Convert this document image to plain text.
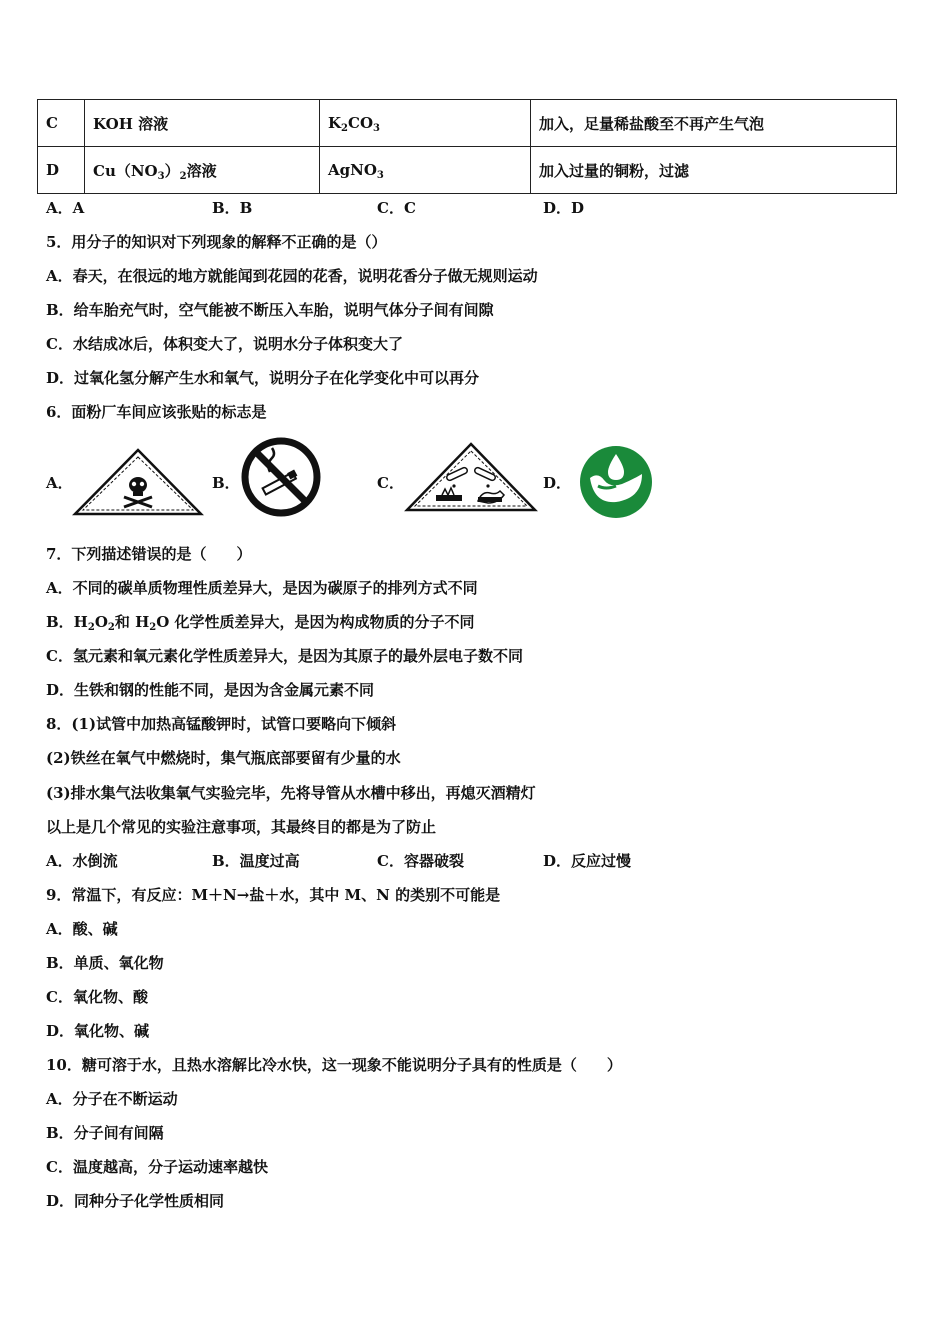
C	KOH 溶液	$K_2CO_3$	加入，足量稀盐酸至不再产生气泡
D	$Cu(NO_3)_2$溶液	AgNO$_3$	加入过量的铜粉，过滤
A．A	B．B	C．C	D．D
5．用分子的知识对下列现象的解释不正确的是（）
A．春天，在很远的地方就能闻到花园的花香，说明花香分子做无规则运动
B．给车胎充气时，空气能被不断压入车胎，说明气体分子间有间隙
C．水结成冰后，体积变大了，说明水分子体积变大了
D．过氧化氢分解产生水和氧气，说明分子在化学变化中可以再分
6．面粉厂车间应该张贴的标志是
A．	B．	C．	D．
7．下列描述错误的是（　　）
A．不同的碳单质物理性质差异大，是因为碳原子的排列方式不同
B．$H_2O_2$和 $H_2O$ 化学性质差异大，是因为构成物质的分子不同
C．氢元素和氧元素化学性质差异大，是因为其原子的最外层电子数不同
D．生铁和钢的性能不同，是因为含金属元素不同
8．(1)试管中加热高锰酸钾时，试管口要略向下倾斜
(2)铁丝在氧气中燃烧时，集气瓶底部要留有少量的水
(3)排水集气法收集氧气实验完毕，先将导管从水槽中移出，再熄灭酒精灯
以上是几个常见的实验注意事项，其最终目的都是为了防止
A．水倒流	B．温度过高	C．容器破裂	D．反应过慢
9．常温下，有反应：M＋N→盐＋水，其中 M、N 的类别不可能是
A．酸、碱
B．单质、氧化物
C．氧化物、酸
D．氧化物、碱
10．糖可溶于水，且热水溶解比冷水快，这一现象不能说明分子具有的性质是（　　）
A．分子在不断运动
B．分子间有间隔
C．温度越高，分子运动速率越快
D．同种分子化学性质相同
